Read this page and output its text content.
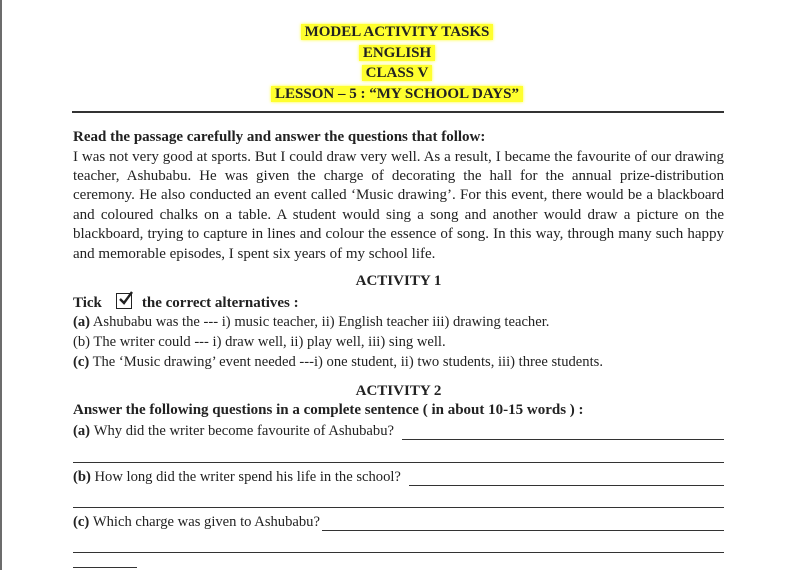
MODEL ACTIVITY TASKS
ENGLISH
CLASS V
LESSON – 5 : “MY SCHOOL DAYS”
Read the passage carefully and answer the questions that follow:

I was not very good at sports. But I could draw very well. As a result, I became the favourite of our drawing teacher, Ashubabu. He was given the charge of decorating the hall for the annual prize-distribution ceremony. He also conducted an event called ‘Music drawing’. For this event, there would be a blackboard and coloured chalks on a table. A student would sing a song and another would draw a picture on the blackboard, trying to capture in lines and colour the essence of song. In this way, through many such happy and memorable episodes, I spent six years of my school life.

ACTIVITY 1
Tick	the correct alternatives :
(a) Ashubabu was the --- i) music teacher, ii) English teacher iii) drawing teacher.
(b) The writer could --- i) draw well, ii) play well, iii) sing well.
(c) The ‘Music drawing’ event needed ---i) one student, ii) two students, iii) three students.
ACTIVITY 2
Answer the following questions in a complete sentence ( in about 10-15 words ) :
(a)
Why did the writer become favourite of Ashubabu?
(b)
How long did the writer spend his life in the school?
(c)
Which charge was given to Ashubabu?
